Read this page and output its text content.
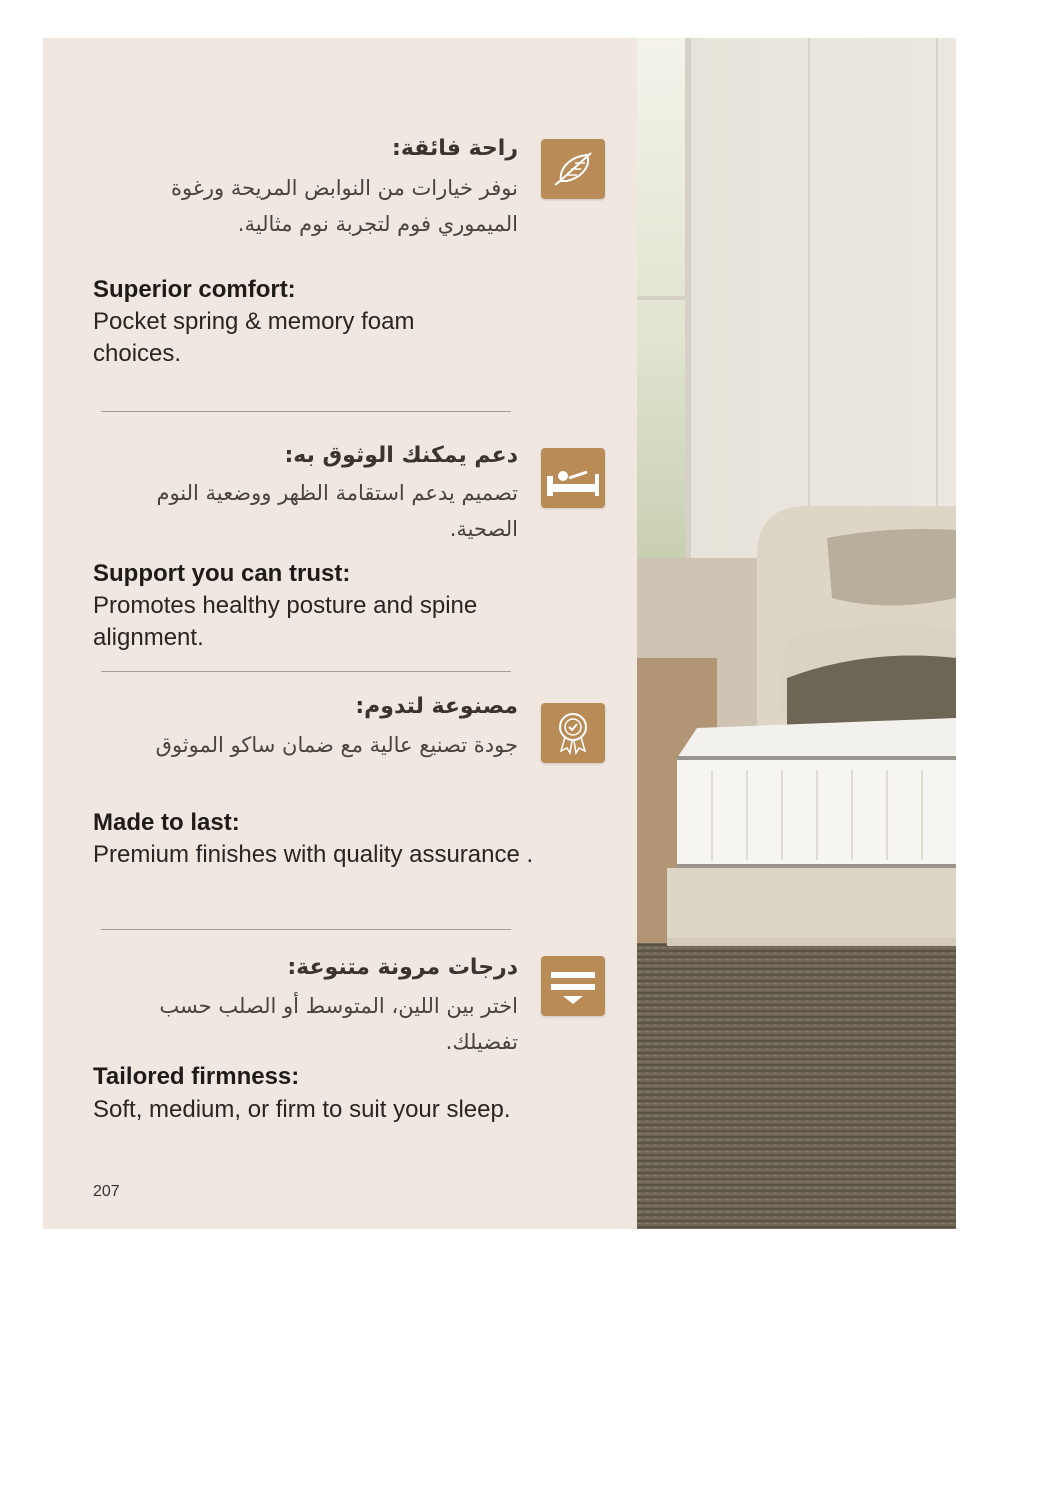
راحة فائقة:
نوفر خيارات من النوابض المريحة ورغوة الميموري فوم لتجربة نوم مثالية.
Superior comfort:
Pocket spring & memory foam choices.
دعم يمكنك الوثوق به:
تصميم يدعم استقامة الظهر ووضعية النوم الصحية.
Support you can trust:
Promotes healthy posture and spine alignment.
مصنوعة لتدوم:
جودة تصنيع عالية مع ضمان ساكو الموثوق
Made to last:
Premium finishes with quality assurance .
درجات مرونة متنوعة:
اختر بين اللين، المتوسط أو الصلب حسب تفضيلك.
Tailored firmness:
Soft, medium, or firm to suit your sleep.
207
